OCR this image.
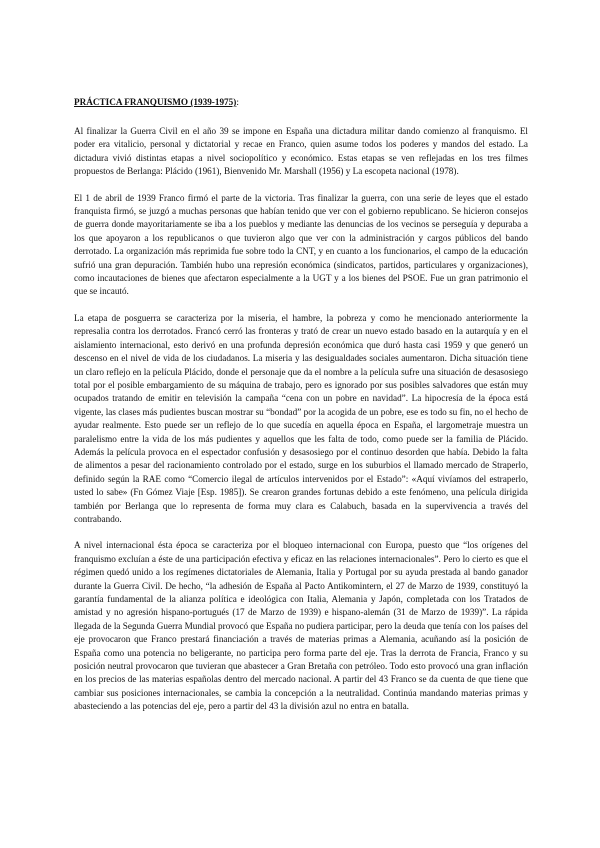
PRÁCTICA FRANQUISMO (1939-1975):

Al finalizar la Guerra Civil en el año 39 se impone en España una dictadura militar dando comienzo al franquismo. El poder era vitalicio, personal y dictatorial y recae en Franco, quien asume todos los poderes y mandos del estado. La dictadura vivió distintas etapas a nivel sociopolítico y económico. Estas etapas se ven reflejadas en los tres filmes propuestos de Berlanga: Plácido (1961), Bienvenido Mr. Marshall (1956) y La escopeta nacional (1978).

El 1 de abril de 1939 Franco firmó el parte de la victoria. Tras finalizar la guerra, con una serie de leyes que el estado franquista firmó, se juzgó a muchas personas que habían tenido que ver con el gobierno republicano. Se hicieron consejos de guerra donde mayoritariamente se iba a los pueblos y mediante las denuncias de los vecinos se perseguía y depuraba a los que apoyaron a los republicanos o que tuvieron algo que ver con la administración y cargos públicos del bando derrotado. La organización más reprimida fue sobre todo la CNT, y en cuanto a los funcionarios, el campo de la educación sufrió una gran depuración. También hubo una represión económica (sindicatos, partidos, particulares y organizaciones), como incautaciones de bienes que afectaron especialmente a la UGT y a los bienes del PSOE. Fue un gran patrimonio el que se incautó.

La etapa de posguerra se caracteriza por la miseria, el hambre, la pobreza y como he mencionado anteriormente la represalia contra los derrotados. Francó cerró las fronteras y trató de crear un nuevo estado basado en la autarquía y en el aislamiento internacional, esto derivó en una profunda depresión económica que duró hasta casi 1959 y que generó un descenso en el nivel de vida de los ciudadanos. La miseria y las desigualdades sociales aumentaron. Dicha situación tiene un claro reflejo en la película Plácido, donde el personaje que da el nombre a la película sufre una situación de desasosiego total por el posible embargamiento de su máquina de trabajo, pero es ignorado por sus posibles salvadores que están muy ocupados tratando de emitir en televisión la campaña “cena con un pobre en navidad”. La hipocresía de la época está vigente, las clases más pudientes buscan mostrar su “bondad” por la acogida de un pobre, ese es todo su fin, no el hecho de ayudar realmente. Esto puede ser un reflejo de lo que sucedía en aquella época en España, el largometraje muestra un paralelismo entre la vida de los más pudientes y aquellos que les falta de todo, como puede ser la familia de Plácido. Además la película provoca en el espectador confusión y desasosiego por el continuo desorden que había. Debido la falta de alimentos a pesar del racionamiento controlado por el estado, surge en los suburbios el llamado mercado de Straperlo, definido según la RAE como “Comercio ilegal de artículos intervenidos por el Estado”: «Aquí vivíamos del estraperlo, usted lo sabe» (Fn Gómez Viaje [Esp. 1985]). Se crearon grandes fortunas debido a este fenómeno, una película dirigida también por Berlanga que lo representa de forma muy clara es Calabuch, basada en la supervivencia a través del contrabando.

A nivel internacional ésta época se caracteriza por el bloqueo internacional con Europa, puesto que “los orígenes del franquismo excluían a éste de una participación efectiva y eficaz en las relaciones internacionales”. Pero lo cierto es que el régimen quedó unido a los regímenes dictatoriales de Alemania, Italia y Portugal por su ayuda prestada al bando ganador durante la Guerra Civil. De hecho, “la adhesión de España al Pacto Antikomintern, el 27 de Marzo de 1939, constituyó la garantía fundamental de la alianza política e ideológica con Italia, Alemania y Japón, completada con los Tratados de amistad y no agresión hispano-portugués (17 de Marzo de 1939) e hispano-alemán (31 de Marzo de 1939)”. La rápida llegada de la Segunda Guerra Mundial provocó que España no pudiera participar, pero la deuda que tenía con los países del eje provocaron que Franco prestará financiación a través de materias primas a Alemania, acuñando así la posición de España como una potencia no beligerante, no participa pero forma parte del eje. Tras la derrota de Francia, Franco y su posición neutral provocaron que tuvieran que abastecer a Gran Bretaña con petróleo. Todo esto provocó una gran inflación en los precios de las materias españolas dentro del mercado nacional. A partir del 43 Franco se da cuenta de que tiene que cambiar sus posiciones internacionales, se cambia la concepción a la neutralidad. Continúa mandando materias primas y abasteciendo a las potencias del eje, pero a partir del 43 la división azul no entra en batalla.
